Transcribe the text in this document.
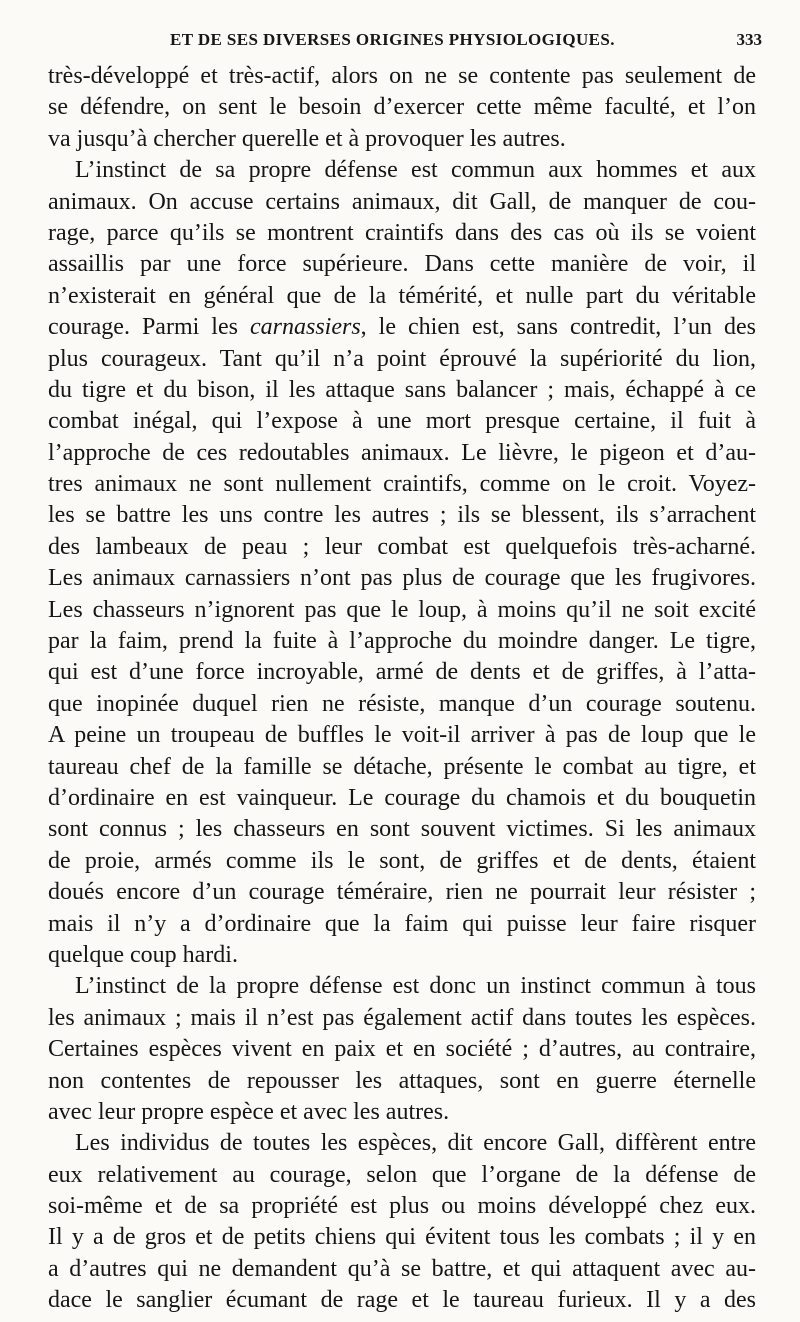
ET DE SES DIVERSES ORIGINES PHYSIOLOGIQUES.	333
très-développé et très-actif, alors on ne se contente pas seulement de
se défendre, on sent le besoin d’exercer cette même faculté, et l’on
va jusqu’à chercher querelle et à provoquer les autres.
L’instinct de sa propre défense est commun aux hommes et aux
animaux. On accuse certains animaux, dit Gall, de manquer de cou-
rage, parce qu’ils se montrent craintifs dans des cas où ils se voient
assaillis par une force supérieure. Dans cette manière de voir, il
n’existerait en général que de la témérité, et nulle part du véritable
courage. Parmi les carnassiers, le chien est, sans contredit, l’un des
plus courageux. Tant qu’il n’a point éprouvé la supériorité du lion,
du tigre et du bison, il les attaque sans balancer ; mais, échappé à ce
combat inégal, qui l’expose à une mort presque certaine, il fuit à
l’approche de ces redoutables animaux. Le lièvre, le pigeon et d’au-
tres animaux ne sont nullement craintifs, comme on le croit. Voyez-
les se battre les uns contre les autres ; ils se blessent, ils s’arrachent
des lambeaux de peau ; leur combat est quelquefois très-acharné.
Les animaux carnassiers n’ont pas plus de courage que les frugivores.
Les chasseurs n’ignorent pas que le loup, à moins qu’il ne soit excité
par la faim, prend la fuite à l’approche du moindre danger. Le tigre,
qui est d’une force incroyable, armé de dents et de griffes, à l’atta-
que inopinée duquel rien ne résiste, manque d’un courage soutenu.
A peine un troupeau de buffles le voit-il arriver à pas de loup que le
taureau chef de la famille se détache, présente le combat au tigre, et
d’ordinaire en est vainqueur. Le courage du chamois et du bouquetin
sont connus ; les chasseurs en sont souvent victimes. Si les animaux
de proie, armés comme ils le sont, de griffes et de dents, étaient
doués encore d’un courage téméraire, rien ne pourrait leur résister ;
mais il n’y a d’ordinaire que la faim qui puisse leur faire risquer
quelque coup hardi.
L’instinct de la propre défense est donc un instinct commun à tous
les animaux ; mais il n’est pas également actif dans toutes les espèces.
Certaines espèces vivent en paix et en société ; d’autres, au contraire,
non contentes de repousser les attaques, sont en guerre éternelle
avec leur propre espèce et avec les autres.
Les individus de toutes les espèces, dit encore Gall, diffèrent entre
eux relativement au courage, selon que l’organe de la défense de
soi-même et de sa propriété est plus ou moins développé chez eux.
Il y a de gros et de petits chiens qui évitent tous les combats ; il y en
a d’autres qui ne demandent qu’à se battre, et qui attaquent avec au-
dace le sanglier écumant de rage et le taureau furieux. Il y a des
